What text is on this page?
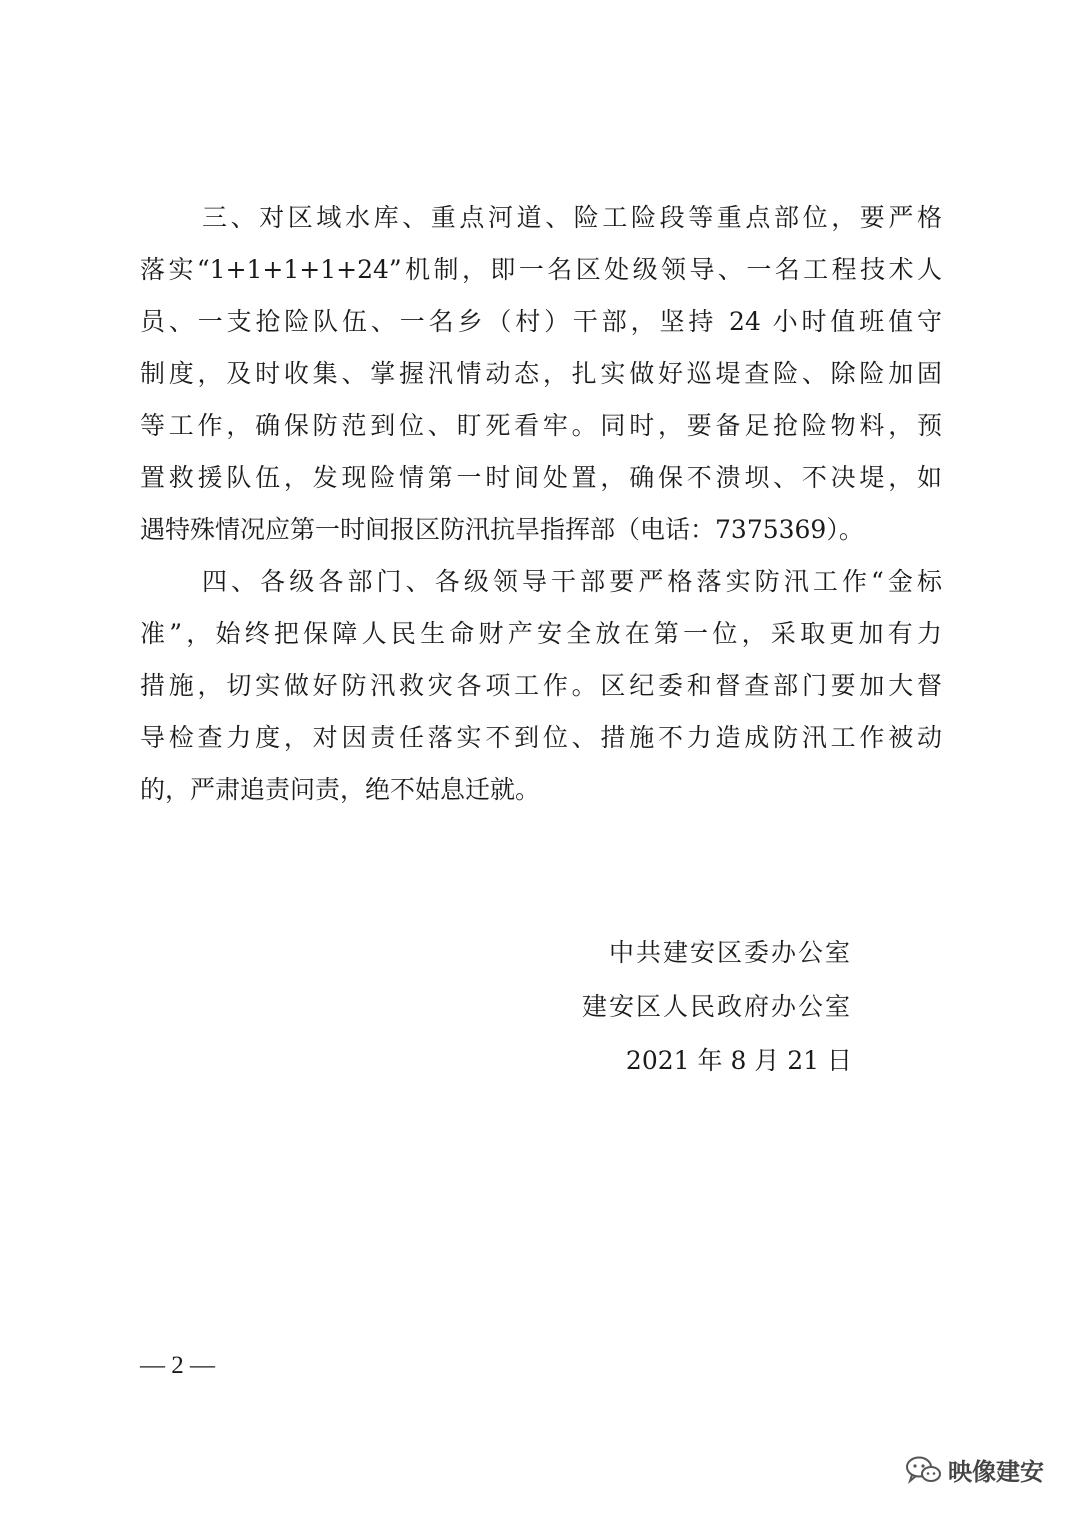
三、对区域水库、重点河道、险工险段等重点部位，要严格
落实“1+1+1+1+24”机制，即一名区处级领导、一名工程技术人
员、一支抢险队伍、一名乡（村）干部，坚持 24 小时值班值守
制度，及时收集、掌握汛情动态，扎实做好巡堤查险、除险加固
等工作，确保防范到位、盯死看牢。同时，要备足抢险物料，预
置救援队伍，发现险情第一时间处置，确保不溃坝、不决堤，如
遇特殊情况应第一时间报区防汛抗旱指挥部（电话：7375369）。
四、各级各部门、各级领导干部要严格落实防汛工作“金标
准”，始终把保障人民生命财产安全放在第一位，采取更加有力
措施，切实做好防汛救灾各项工作。区纪委和督查部门要加大督
导检查力度，对因责任落实不到位、措施不力造成防汛工作被动
的，严肃追责问责，绝不姑息迁就。
中共建安区委办公室
建安区人民政府办公室
2021 年 8 月 21 日
— 2 —
映像建安
